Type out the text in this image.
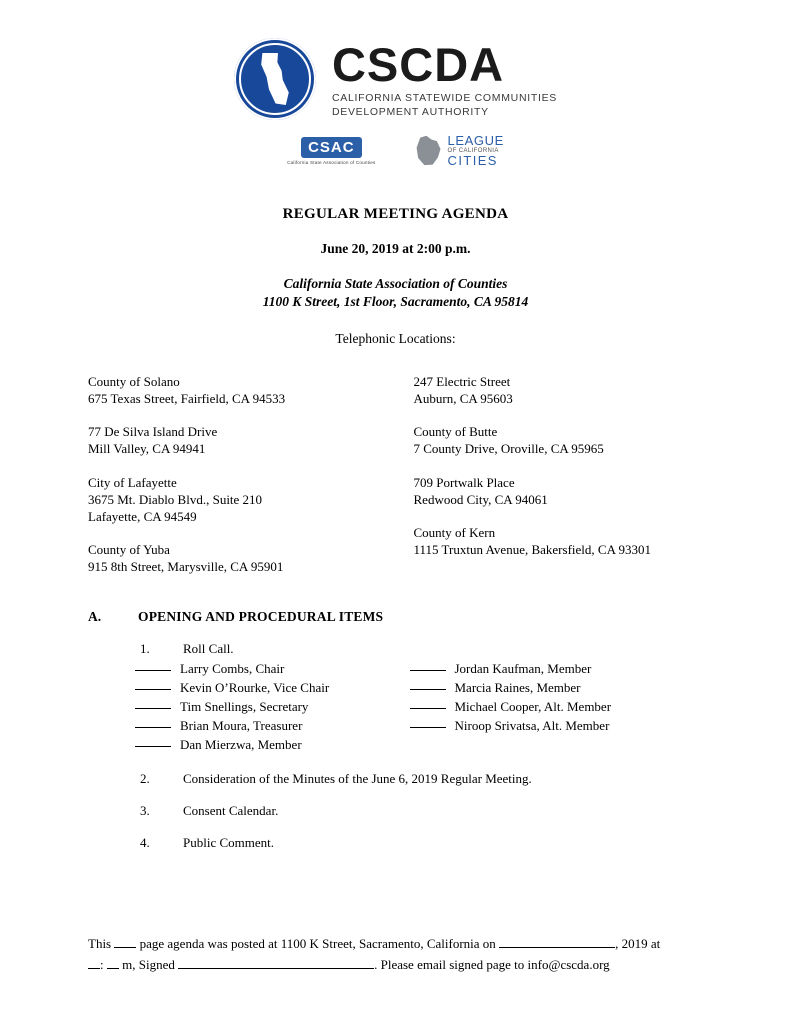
CSCDA
CALIFORNIA STATEWIDE COMMUNITIES
DEVELOPMENT AUTHORITY
CSAC
California State Association of Counties
LEAGUE
OF CALIFORNIA
CITIES
REGULAR MEETING AGENDA
June 20, 2019 at 2:00 p.m.
California State Association of Counties
1100 K Street, 1st Floor, Sacramento, CA 95814
Telephonic Locations:
County of Solano
675 Texas Street, Fairfield, CA 94533
77 De Silva Island Drive
Mill Valley, CA 94941
City of Lafayette
3675 Mt. Diablo Blvd., Suite 210
Lafayette, CA 94549
County of Yuba
915 8th Street, Marysville, CA 95901
247 Electric Street
Auburn, CA 95603
County of Butte
7 County Drive, Oroville, CA 95965
709 Portwalk Place
Redwood City, CA 94061
County of Kern
1115 Truxtun Avenue, Bakersfield, CA 93301
A.	OPENING AND PROCEDURAL ITEMS
1.	Roll Call.
Larry Combs, Chair
Kevin O’Rourke, Vice Chair
Tim Snellings, Secretary
Brian Moura, Treasurer
Dan Mierzwa, Member
Jordan Kaufman, Member
Marcia Raines, Member
Michael Cooper, Alt. Member
Niroop Srivatsa, Alt. Member
2.	Consideration of the Minutes of the June 6, 2019 Regular Meeting.
3.	Consent Calendar.
4.	Public Comment.
This  page agenda was posted at 1100 K Street, Sacramento, California on	, 2019 at
:  m, Signed	. Please email signed page to info@cscda.org
